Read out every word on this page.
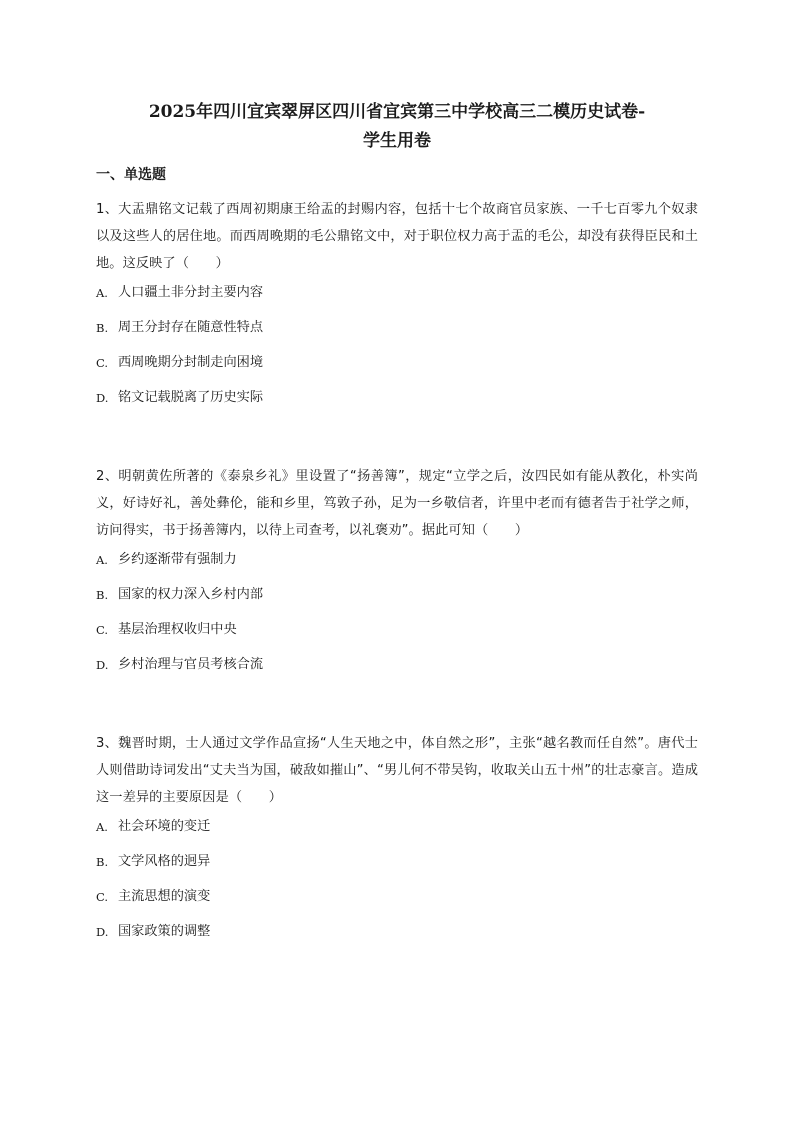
2025年四川宜宾翠屏区四川省宜宾第三中学校高三二模历史试卷-
学生用卷
一、单选题

1、大盂鼎铭文记载了西周初期康王给盂的封赐内容，包括十七个故商官员家族、一千七百零九个奴隶以及这些人的居住地。而西周晚期的毛公鼎铭文中，对于职位权力高于盂的毛公，却没有获得臣民和土地。这反映了（　　）

A. 人口疆土非分封主要内容
B. 周王分封存在随意性特点
C. 西周晚期分封制走向困境
D. 铭文记载脱离了历史实际

2、明朝黄佐所著的《泰泉乡礼》里设置了“扬善簿”，规定“立学之后，汝四民如有能从教化，朴实尚义，好诗好礼，善处彝伦，能和乡里，笃敦子孙，足为一乡敬信者，许里中老而有德者告于社学之师，访问得实，书于扬善簿内，以待上司查考，以礼褒劝”。据此可知（　　）

A. 乡约逐渐带有强制力
B. 国家的权力深入乡村内部
C. 基层治理权收归中央
D. 乡村治理与官员考核合流

3、魏晋时期，士人通过文学作品宣扬“人生天地之中，体自然之形”，主张“越名教而任自然”。唐代士人则借助诗词发出“丈夫当为国，破敌如摧山”、“男儿何不带吴钩，收取关山五十州”的壮志豪言。造成这一差异的主要原因是（　　）

A. 社会环境的变迁
B. 文学风格的迥异
C. 主流思想的演变
D. 国家政策的调整
